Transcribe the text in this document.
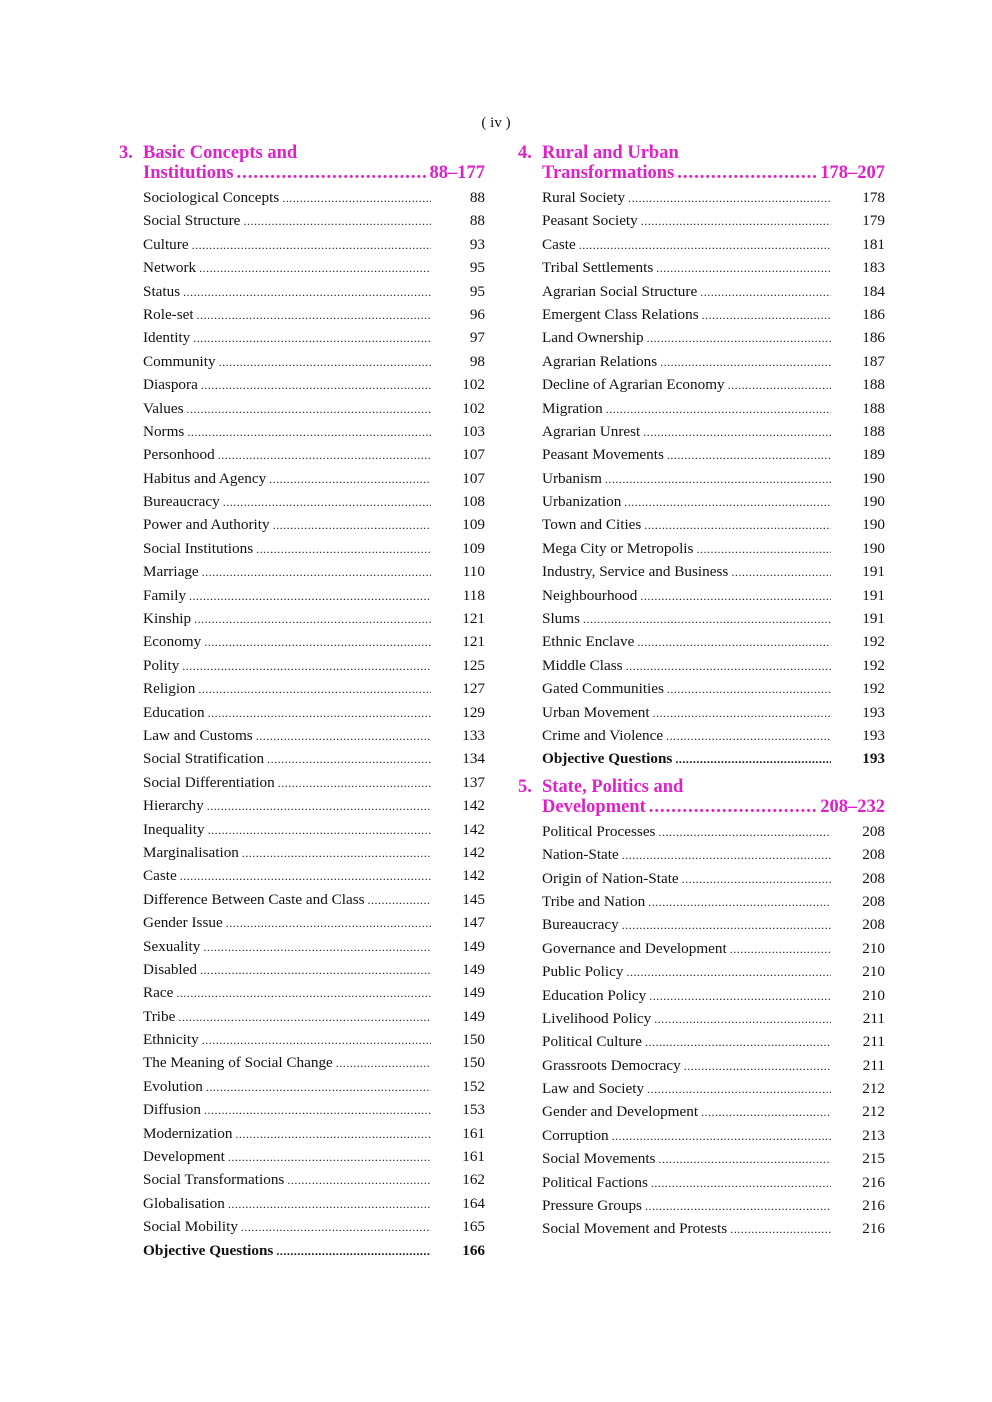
( iv )
3. Basic Concepts and
Institutions .....	88–177
Sociological Concepts .....	88
Social Structure .....	88
Culture .....	93
Network .....	95
Status .....	95
Role-set .....	96
Identity .....	97
Community .....	98
Diaspora .....	102
Values .....	102
Norms .....	103
Personhood .....	107
Habitus and Agency .....	107
Bureaucracy .....	108
Power and Authority .....	109
Social Institutions .....	109
Marriage .....	110
Family .....	118
Kinship .....	121
Economy .....	121
Polity .....	125
Religion .....	127
Education .....	129
Law and Customs .....	133
Social Stratification .....	134
Social Differentiation .....	137
Hierarchy .....	142
Inequality .....	142
Marginalisation .....	142
Caste .....	142
Difference Between Caste and Class .....	145
Gender Issue .....	147
Sexuality .....	149
Disabled .....	149
Race .....	149
Tribe .....	149
Ethnicity .....	150
The Meaning of Social Change .....	150
Evolution .....	152
Diffusion .....	153
Modernization .....	161
Development .....	161
Social Transformations .....	162
Globalisation .....	164
Social Mobility .....	165
Objective Questions .....	166
4. Rural and Urban
Transformations .....	178–207
Rural Society .....	178
Peasant Society .....	179
Caste .....	181
Tribal Settlements .....	183
Agrarian Social Structure .....	184
Emergent Class Relations .....	186
Land Ownership .....	186
Agrarian Relations .....	187
Decline of Agrarian Economy .....	188
Migration .....	188
Agrarian Unrest .....	188
Peasant Movements .....	189
Urbanism .....	190
Urbanization .....	190
Town and Cities .....	190
Mega City or Metropolis .....	190
Industry, Service and Business .....	191
Neighbourhood .....	191
Slums .....	191
Ethnic Enclave .....	192
Middle Class .....	192
Gated Communities .....	192
Urban Movement .....	193
Crime and Violence .....	193
Objective Questions .....	193
5. State, Politics and
Development .....	208–232
Political Processes .....	208
Nation-State .....	208
Origin of Nation-State .....	208
Tribe and Nation .....	208
Bureaucracy .....	208
Governance and Development .....	210
Public Policy .....	210
Education Policy .....	210
Livelihood Policy .....	211
Political Culture .....	211
Grassroots Democracy .....	211
Law and Society .....	212
Gender and Development .....	212
Corruption .....	213
Social Movements .....	215
Political Factions .....	216
Pressure Groups .....	216
Social Movement and Protests .....	216
